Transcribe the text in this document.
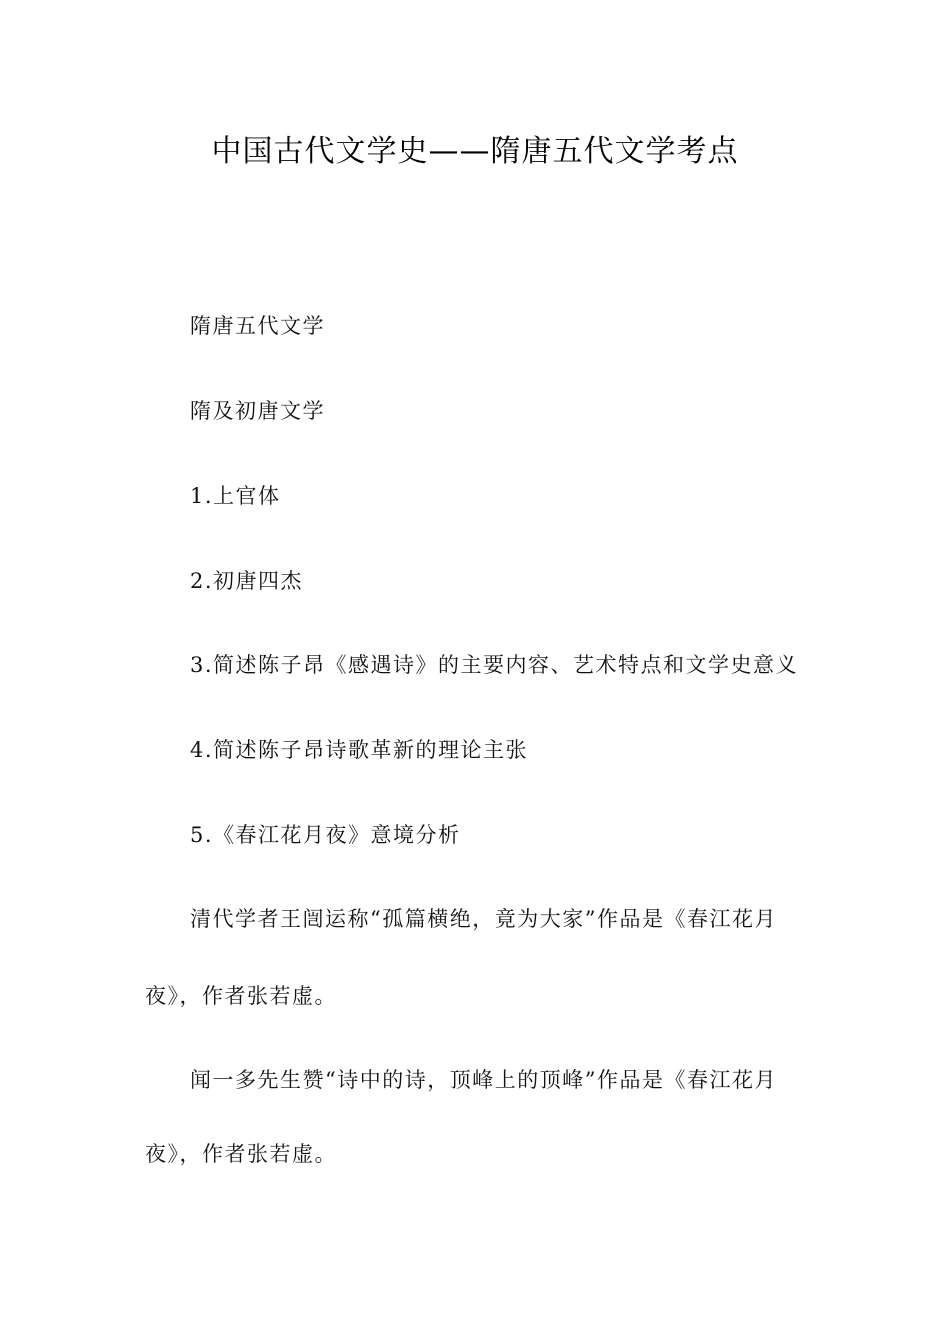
中国古代文学史——隋唐五代文学考点
隋唐五代文学
隋及初唐文学
1.上官体
2.初唐四杰
3.简述陈子昂《感遇诗》的主要内容、艺术特点和文学史意义
4.简述陈子昂诗歌革新的理论主张
5.《春江花月夜》意境分析
清代学者王闿运称“孤篇横绝，竟为大家”作品是《春江花月
夜》，作者张若虚。
闻一多先生赞“诗中的诗，顶峰上的顶峰”作品是《春江花月
夜》，作者张若虚。
